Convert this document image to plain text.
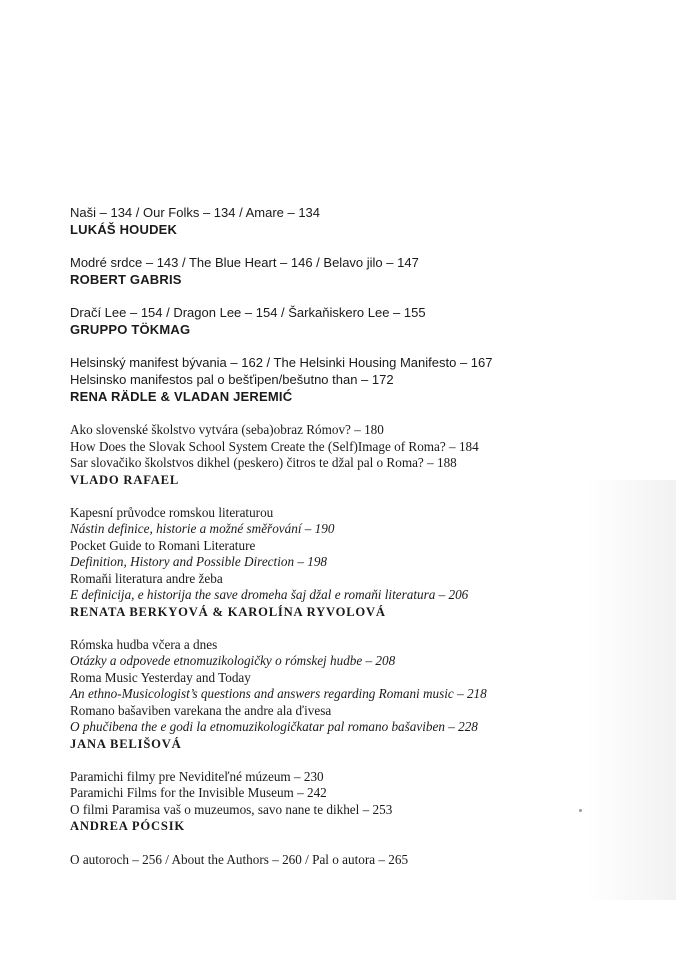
Naši – 134 / Our Folks – 134 / Amare – 134
LUKÁŠ HOUDEK
Modré srdce – 143 / The Blue Heart – 146 / Belavo jilo – 147
ROBERT GABRIS
Dračí Lee – 154 / Dragon Lee – 154 / Šarkaňiskero Lee – 155
GRUPPO TÖKMAG
Helsinský manifest bývania – 162 / The Helsinki Housing Manifesto – 167
Helsinsko manifestos pal o bešťipen/bešutno than – 172
RENA RÄDLE & VLADAN JEREMIĆ
Ako slovenské školstvo vytvára (seba)obraz Rómov? – 180
How Does the Slovak School System Create the (Self)Image of Roma? – 184
Sar slovačiko školstvos dikhel (peskero) čitros te džal pal o Roma? – 188
VLADO RAFAEL
Kapesní průvodce romskou literaturou
Nástin definice, historie a možné směřování – 190
Pocket Guide to Romani Literature
Definition, History and Possible Direction – 198
Romaňi literatura andre žeba
E definicija, e historija the save dromeha šaj džal e romaňi literatura – 206
RENATA BERKYOVÁ & KAROLÍNA RYVOLOVÁ
Rómska hudba včera a dnes
Otázky a odpovede etnomuzikologičky o rómskej hudbe – 208
Roma Music Yesterday and Today
An ethno-Musicologist’s questions and answers regarding Romani music – 218
Romano bašaviben varekana the andre ala ďivesa
O phučibena the e godi la etnomuzikologičkatar pal romano bašaviben – 228
JANA BELIŠOVÁ
Paramichi filmy pre Neviditeľné múzeum – 230
Paramichi Films for the Invisible Museum – 242
O filmi Paramisa vaš o muzeumos, savo nane te dikhel – 253
ANDREA PÓCSIK
O autoroch – 256 / About the Authors – 260 / Pal o autora – 265
